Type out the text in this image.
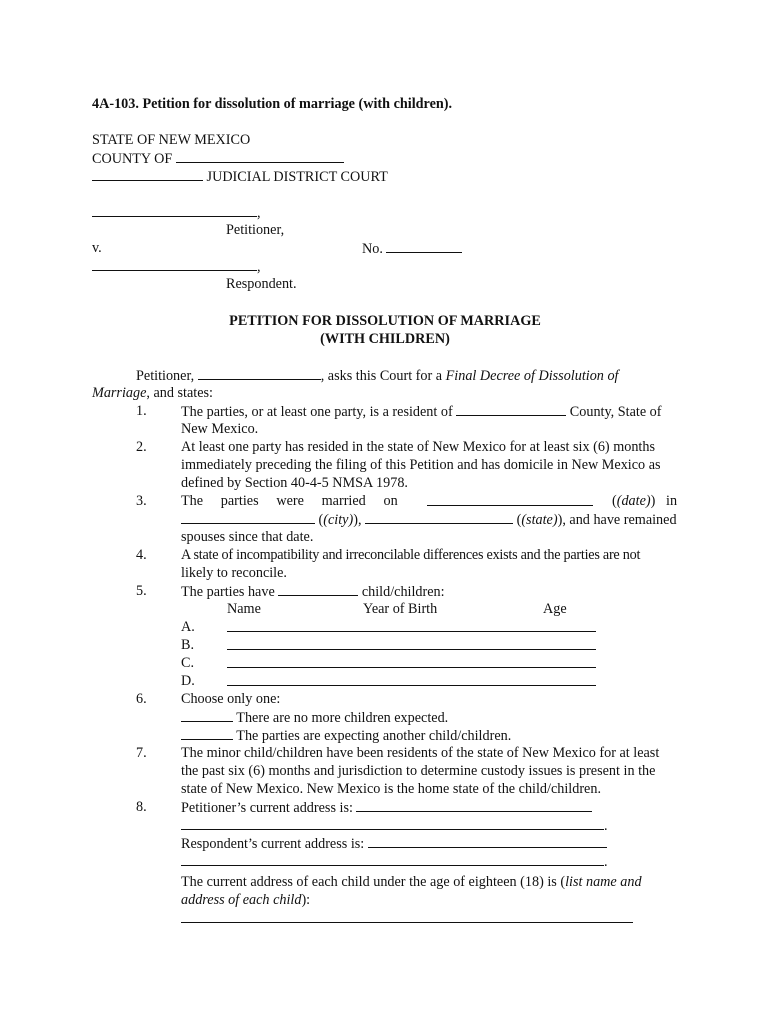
4A-103. Petition for dissolution of marriage (with children).
STATE OF NEW MEXICO
COUNTY OF
JUDICIAL DISTRICT COURT
,
Petitioner,
v.	No.
,
Respondent.
PETITION FOR DISSOLUTION OF MARRIAGE
(WITH CHILDREN)
Petitioner,	, asks this Court for a Final Decree of Dissolution of
Marriage, and states:
1. The parties, or at least one party, is a resident of	County, State of
New Mexico.
2. At least one party has resided in the state of New Mexico for at least six (6) months
immediately preceding the filing of this Petition and has domicile in New Mexico as
defined by Section 40-4-5 NMSA 1978.
3. The     parties     were     married     on	((date)) in
((city)),	((state)), and have remained
spouses since that date.
4. A state of incompatibility and irreconcilable differences exists and the parties are not
likely to reconcile.
5. The parties have	child/children:
Name	Year of Birth	Age
A.
B.
C.
D.
6. Choose only one:
There are no more children expected.
The parties are expecting another child/children.
7. The minor child/children have been residents of the state of New Mexico for at least
the past six (6) months and jurisdiction to determine custody issues is present in the
state of New Mexico. New Mexico is the home state of the child/children.
8. Petitioner’s current address is:
.
Respondent’s current address is:
.
The current address of each child under the age of eighteen (18) is (list name and
address of each child):
